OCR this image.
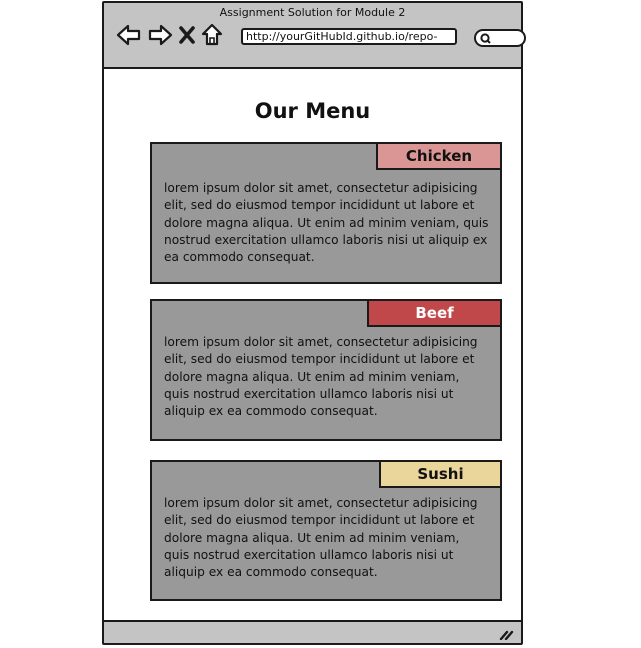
Assignment Solution for Module 2
http://yourGitHubId.github.io/repo-
Our Menu
Chicken

lorem ipsum dolor sit amet, consectetur adipisicing elit, sed do eiusmod tempor incididunt ut labore et dolore magna aliqua. Ut enim ad minim veniam, quis nostrud exercitation ullamco laboris nisi ut aliquip ex ea commodo consequat.

Beef

lorem ipsum dolor sit amet, consectetur adipisicing elit, sed do eiusmod tempor incididunt ut labore et dolore magna aliqua. Ut enim ad minim veniam, quis nostrud exercitation ullamco laboris nisi ut aliquip ex ea commodo consequat.

Sushi

lorem ipsum dolor sit amet, consectetur adipisicing elit, sed do eiusmod tempor incididunt ut labore et dolore magna aliqua. Ut enim ad minim veniam, quis nostrud exercitation ullamco laboris nisi ut aliquip ex ea commodo consequat.
